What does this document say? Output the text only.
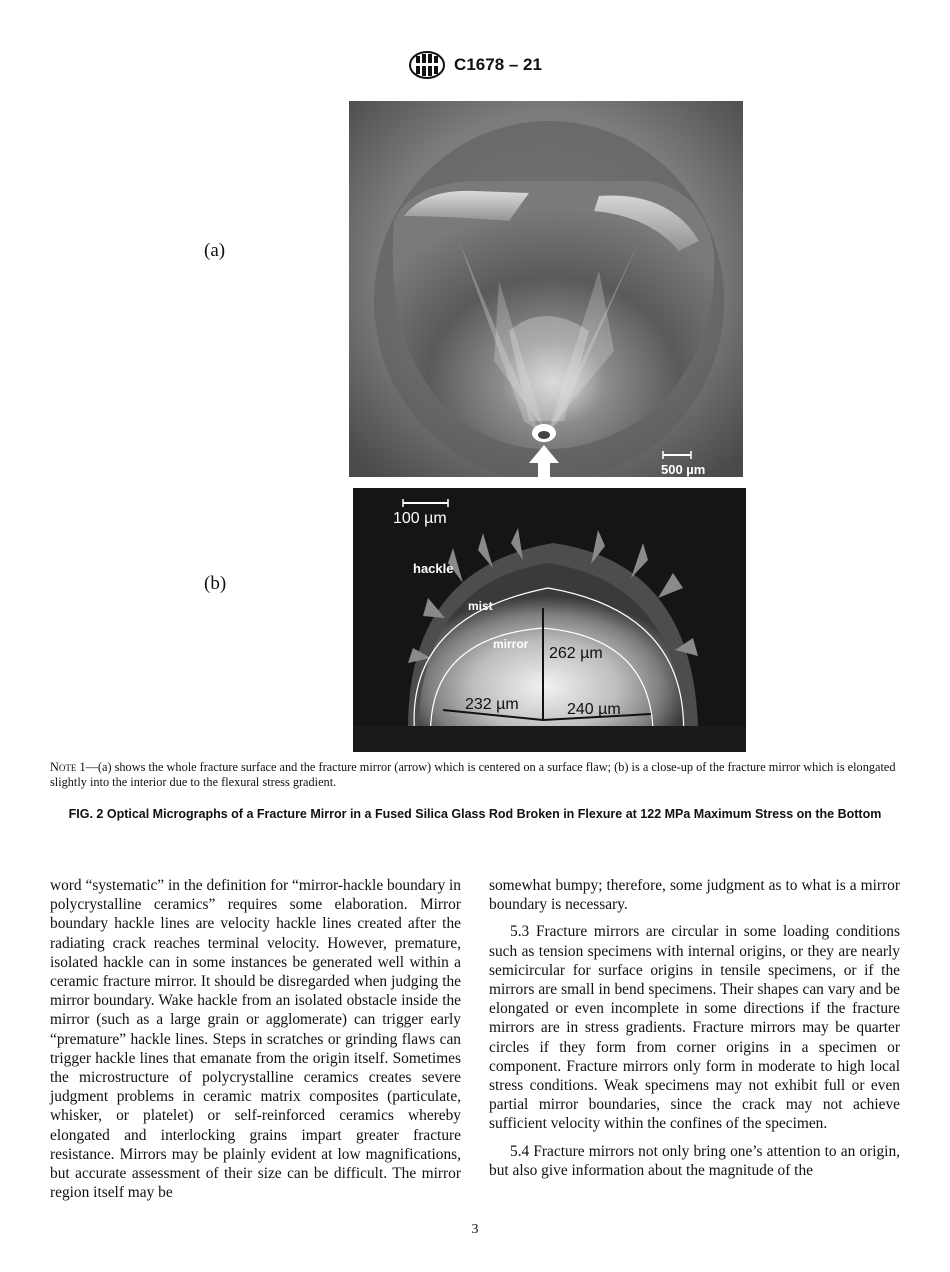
C1678 – 21
(a)
(b)
500 µm
100 µm
hackle
mist
mirror
262 µm
232 µm	240 µm
Note 1—(a) shows the whole fracture surface and the fracture mirror (arrow) which is centered on a surface flaw; (b) is a close-up of the fracture mirror which is elongated slightly into the interior due to the flexural stress gradient.
FIG. 2 Optical Micrographs of a Fracture Mirror in a Fused Silica Glass Rod Broken in Flexure at 122 MPa Maximum Stress on the Bottom

word “systematic” in the definition for “mirror-hackle boundary in polycrystalline ceramics” requires some elaboration. Mirror boundary hackle lines are velocity hackle lines created after the radiating crack reaches terminal velocity. However, premature, isolated hackle can in some instances be generated well within a ceramic fracture mirror. It should be disregarded when judging the mirror boundary. Wake hackle from an isolated obstacle inside the mirror (such as a large grain or agglomerate) can trigger early “premature” hackle lines. Steps in scratches or grinding flaws can trigger hackle lines that emanate from the origin itself. Sometimes the microstructure of polycrystalline ceramics creates severe judgment problems in ceramic matrix composites (particulate, whisker, or platelet) or self-reinforced ceramics whereby elongated and interlocking grains impart greater fracture resistance. Mirrors may be plainly evident at low magnifications, but accurate assessment of their size can be difficult. The mirror region itself may be

somewhat bumpy; therefore, some judgment as to what is a mirror boundary is necessary.

5.3 Fracture mirrors are circular in some loading conditions such as tension specimens with internal origins, or they are nearly semicircular for surface origins in tensile specimens, or if the mirrors are small in bend specimens. Their shapes can vary and be elongated or even incomplete in some directions if the fracture mirrors are in stress gradients. Fracture mirrors may be quarter circles if they form from corner origins in a specimen or component. Fracture mirrors only form in moderate to high local stress conditions. Weak specimens may not exhibit full or even partial mirror boundaries, since the crack may not achieve sufficient velocity within the confines of the specimen.

5.4 Fracture mirrors not only bring one’s attention to an origin, but also give information about the magnitude of the

3
